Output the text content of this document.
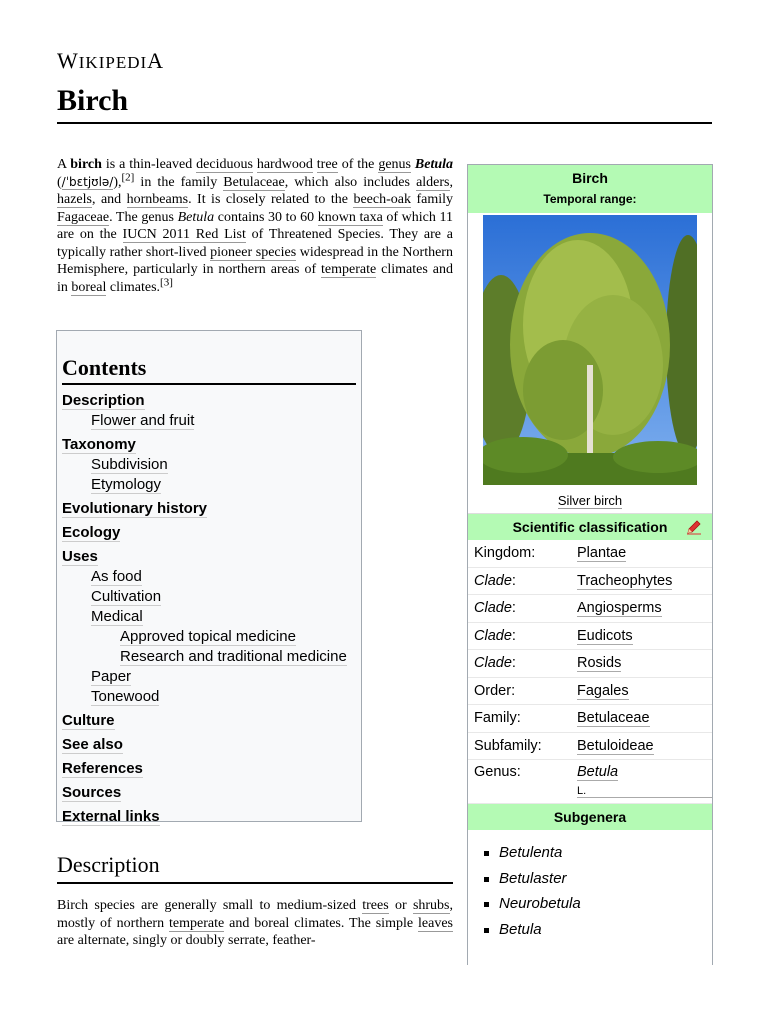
WIKIPEDIA
Birch
A birch is a thin-leaved deciduous hardwood tree of the genus Betula (/ˈbɛtjʊlə/),[2] in the family Betulaceae, which also includes alders, hazels, and hornbeams. It is closely related to the beech-oak family Fagaceae. The genus Betula contains 30 to 60 known taxa of which 11 are on the IUCN 2011 Red List of Threatened Species. They are a typically rather short-lived pioneer species widespread in the Northern Hemisphere, particularly in northern areas of temperate climates and in boreal climates.[3]
Contents
Description
Flower and fruit
Taxonomy
Subdivision
Etymology
Evolutionary history
Ecology
Uses
As food
Cultivation
Medical
Approved topical medicine
Research and traditional medicine
Paper
Tonewood
Culture
See also
References
Sources
External links
Description
Birch species are generally small to medium-sized trees or shrubs, mostly of northern temperate and boreal climates. The simple leaves are alternate, singly or doubly serrate, feather-
Birch
Temporal range:
Silver birch
Scientific classification
Kingdom:	Plantae
Clade:	Tracheophytes
Clade:	Angiosperms
Clade:	Eudicots
Clade:	Rosids
Order:	Fagales
Family:	Betulaceae
Subfamily:	Betuloideae
Genus:	Betula
L.
Subgenera
Betulenta
Betulaster
Neurobetula
Betula
